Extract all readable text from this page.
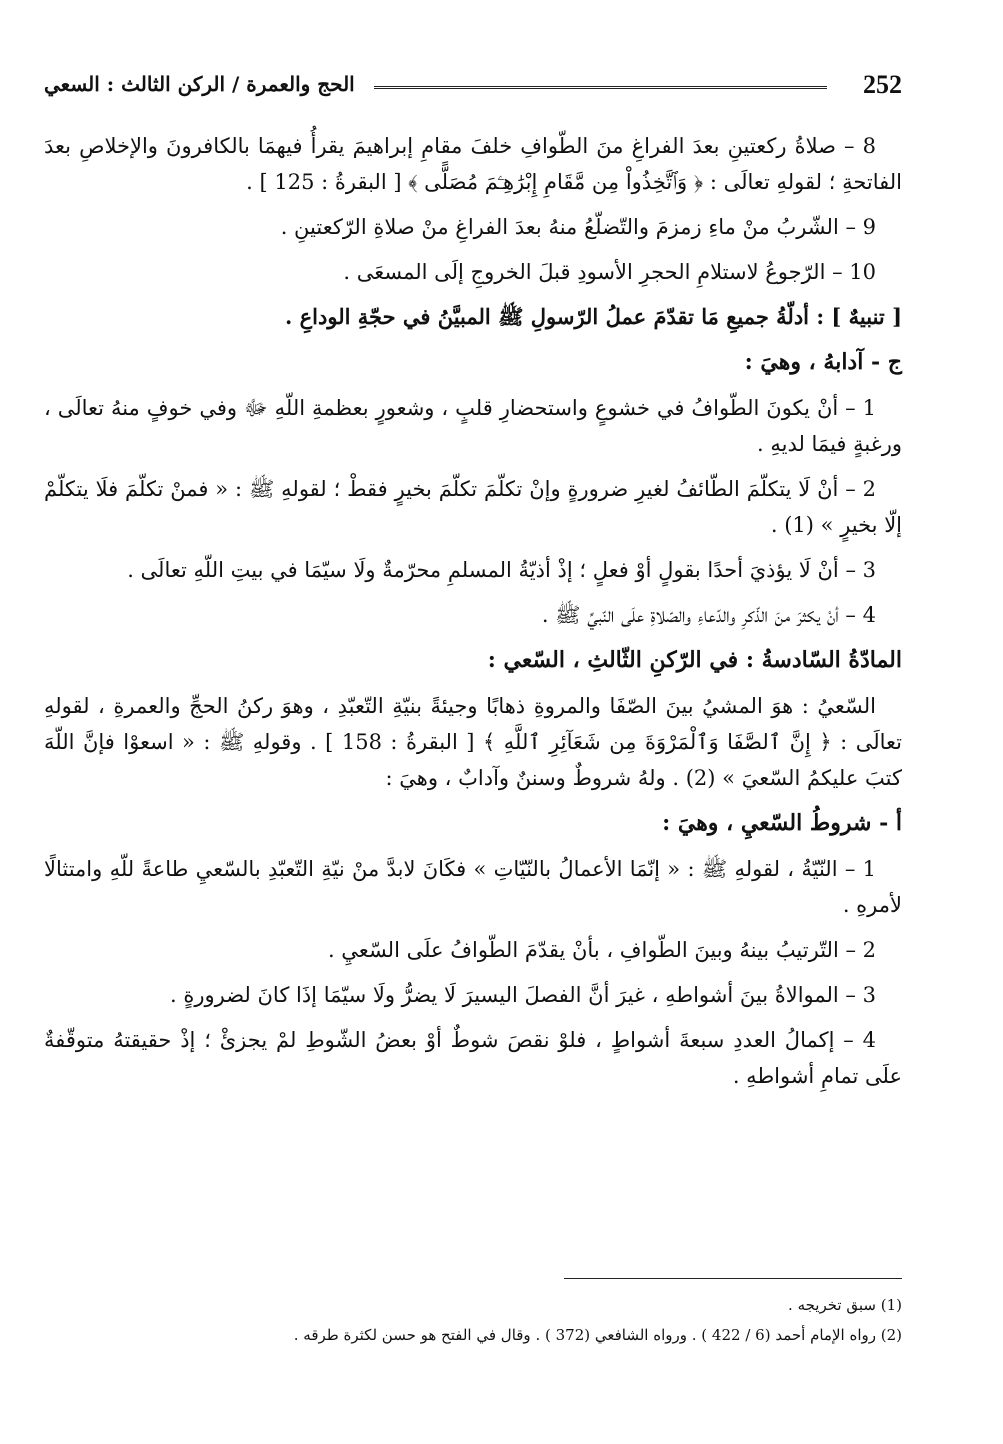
252
الحج والعمرة / الركن الثالث : السعي

8 – صلاةُ ركعتينِ بعدَ الفراغِ منَ الطّوافِ خلفَ مقامِ إبراهيمَ يقرأُ فيهمَا بالكافرونَ والإخلاصِ بعدَ الفاتحةِ ؛ لقولهِ تعالَى : ﴿ وَٱتَّخِذُواْ مِن مَّقَامِ إِبْرَٰهِـۧمَ مُصَلًّى ﴾ [ البقرةُ : 125 ] .

9 – الشّربُ منْ ماءِ زمزمَ والتّضلّعُ منهُ بعدَ الفراغِ منْ صلاةِ الرّكعتينِ .

10 – الرّجوعُ لاستلامِ الحجرِ الأسودِ قبلَ الخروجِ إلَى المسعَى .

[ تنبيهٌ ] : أدلّةُ جميعِ مَا تقدّمَ عملُ الرّسولِ ﷺ المبيَّنُ في حجّةِ الوداعِ .

ج - آدابهُ ، وهيَ :

1 – أنْ يكونَ الطّوافُ في خشوعٍ واستحضارِ قلبٍ ، وشعورٍ بعظمةِ اللّهِ ﷻ وفي خوفٍ منهُ تعالَى ، ورغبةٍ فيمَا لديهِ .

2 – أنْ لَا يتكلّمَ الطّائفُ لغيرِ ضرورةٍ وإنْ تكلّمَ تكلّمَ بخيرٍ فقطْ ؛ لقولهِ ﷺ : « فمنْ تكلّمَ فلَا يتكلّمْ إلّا بخيرٍ » (1) .

3 – أنْ لَا يؤذيَ أحدًا بقولٍ أوْ فعلٍ ؛ إذْ أذيّةُ المسلمِ محرّمةٌ ولَا سيّمَا في بيتِ اللّهِ تعالَى .

4 – أنْ يكثرَ منَ الذّكرِ والدّعاءِ والصّلاةِ علَى النّبيِّ ﷺ .

المادّةُ السّادسةُ : في الرّكنِ الثّالثِ ، السّعي :

السّعيُ : هوَ المشيُ بينَ الصّفَا والمروةِ ذهابًا وجيئةً بنيّةِ التّعبّدِ ، وهوَ ركنُ الحجِّ والعمرةِ ، لقولهِ تعالَى : ﴿ إِنَّ ٱلصَّفَا وَٱلْمَرْوَةَ مِن شَعَآئِرِ ٱللَّهِ ﴾ [ البقرةُ : 158 ] . وقولهِ ﷺ : « اسعوْا فإنَّ اللّهَ كتبَ عليكمُ السّعيَ » (2) . ولهُ شروطٌ وسننٌ وآدابٌ ، وهيَ :

أ - شروطُ السّعيِ ، وهيَ :

1 – النّيّةُ ، لقولهِ ﷺ : « إنّمَا الأعمالُ بالنّيّاتِ » فكَانَ لابدَّ منْ نيّةِ التّعبّدِ بالسّعيِ طاعةً للّهِ وامتثالًا لأمرهِ .

2 – التّرتيبُ بينهُ وبينَ الطّوافِ ، بأنْ يقدّمَ الطّوافُ علَى السّعيِ .

3 – الموالاةُ بينَ أشواطهِ ، غيرَ أنَّ الفصلَ اليسيرَ لَا يضرُّ ولَا سيّمَا إذَا كانَ لضرورةٍ .

4 – إكمالُ العددِ سبعةَ أشواطٍ ، فلوْ نقصَ شوطٌ أوْ بعضُ الشّوطِ لمْ يجزئْ ؛ إذْ حقيقتهُ متوقّفةٌ علَى تمامِ أشواطهِ .

(1) سبق تخريجه .
(2) رواه الإمام أحمد (6 / 422 ) . ورواه الشافعي (372 ) . وقال في الفتح هو حسن لكثرة طرقه .
